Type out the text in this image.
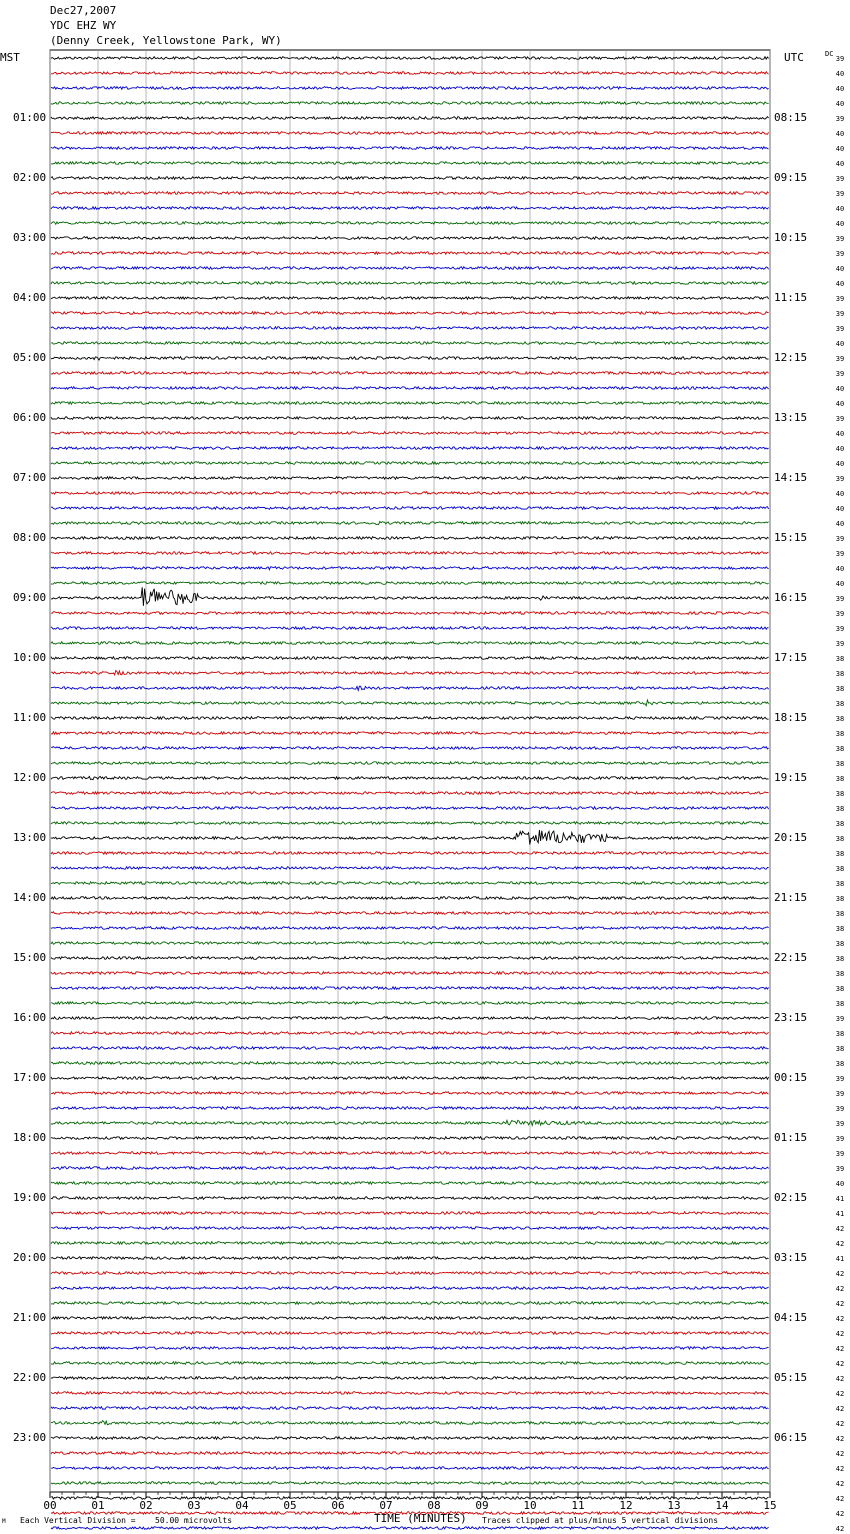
Dec27,2007
YDC EHZ WY
(Denny Creek, Yellowstone Park, WY)
MST	UTC	DC
00	01	02	03	04	05	06	07	08	09	10	11	12	13	14	15
39
40
40
40
39
40
40
40
39
39
40
40
39
39
40
40
39
39
39
40
39
39
40
40
39
40
40
40
39
40
40
40
39
39
40
40
39
39
39
39
38
38
38
38
38
38
38
38
38
38
38
38
38
38
38
38
38
38
38
38
38
38
38
38
39
38
38
38
39
39
39
39
39
39
39
40
41
41
42
42
41
42
42
42
42
42
42
42
42
42
42
42
42
42
42
42
42
42
42
01:00
02:00
03:00
04:00
05:00
06:00
07:00
08:00
09:00
10:00
11:00
12:00
13:00
14:00
15:00
16:00
17:00
18:00
19:00
20:00
21:00
22:00
23:00
08:15
09:15
10:15
11:15
12:15
13:15
14:15
15:15
16:15
17:15
18:15
19:15
20:15
21:15
22:15
23:15
00:15
01:15
02:15
03:15
04:15
05:15
06:15
M Each Vertical Division = 50.00 microvolts	TIME (MINUTES) Traces clipped at plus/minus 5 vertical divisions
